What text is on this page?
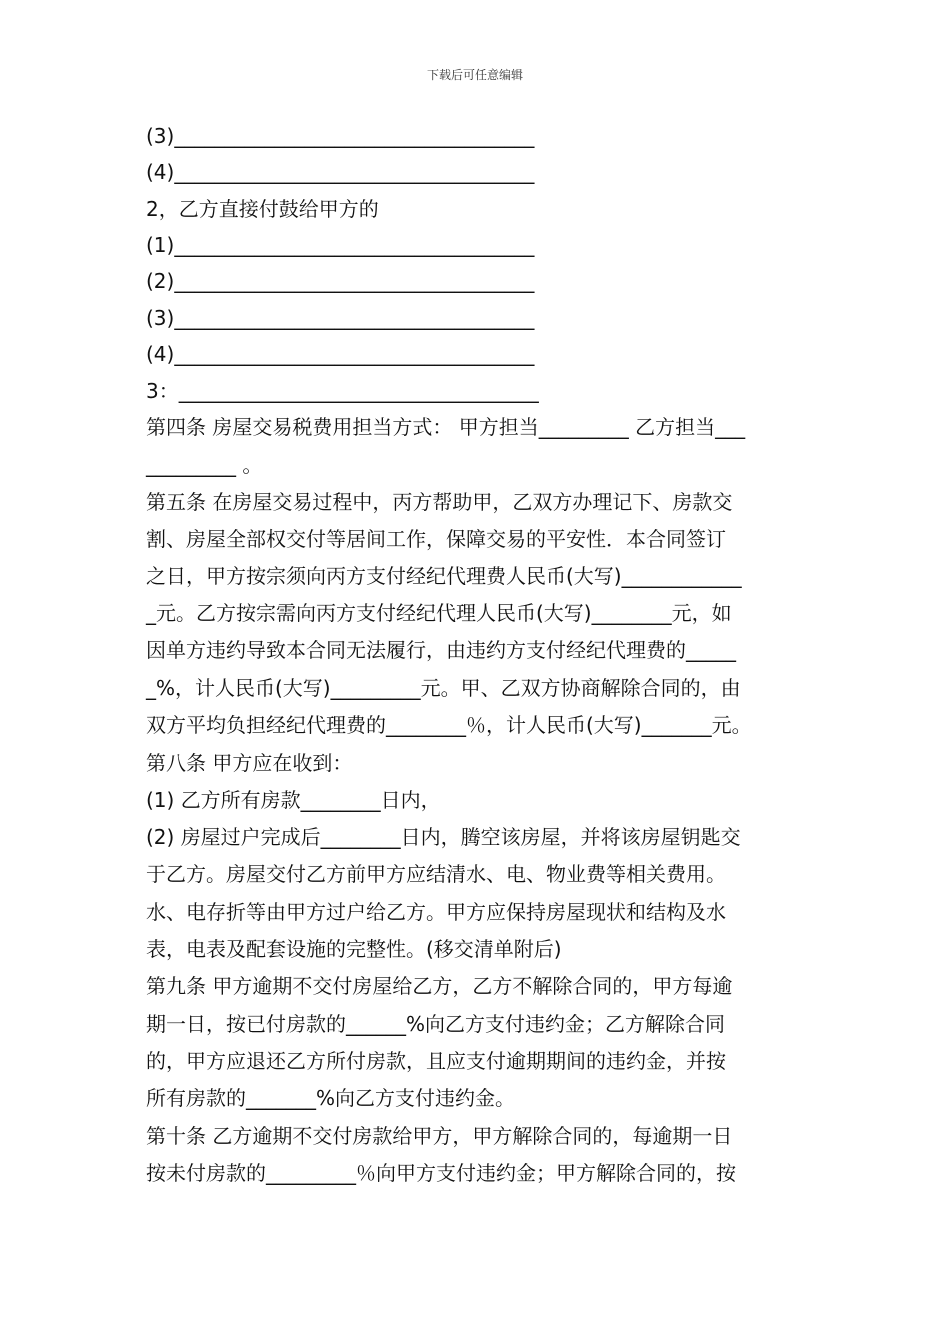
下载后可任意编辑
(3)____________________________________
(4)____________________________________
2，乙方直接付鼓给甲方的
(1)____________________________________
(2)____________________________________
(3)____________________________________
(4)____________________________________
3：____________________________________
第四条 房屋交易税费用担当方式： 甲方担当_________ 乙方担当___
_________ 。
第五条 在房屋交易过程中，丙方帮助甲，乙双方办理记下、房款交
割、房屋全部权交付等居间工作，保障交易的平安性．本合同签订
之日，甲方按宗须向丙方支付经纪代理费人民币(大写)____________
_元。乙方按宗需向丙方支付经纪代理人民币(大写)________元，如
因单方违约导致本合同无法履行，由违约方支付经纪代理费的_____
_%，计人民币(大写)_________元。甲、乙双方协商解除合同的，由
双方平均负担经纪代理费的________％，计人民币(大写)_______元。
第八条 甲方应在收到：
(1) 乙方所有房款________日内，
(2) 房屋过户完成后________日内，腾空该房屋，并将该房屋钥匙交
于乙方。房屋交付乙方前甲方应结清水、电、物业费等相关费用。
水、电存折等由甲方过户给乙方。甲方应保持房屋现状和结构及水
表，电表及配套设施的完整性。(移交清单附后)
第九条 甲方逾期不交付房屋给乙方，乙方不解除合同的，甲方每逾
期一日，按已付房款的______%向乙方支付违约金；乙方解除合同
的，甲方应退还乙方所付房款，且应支付逾期期间的违约金，并按
所有房款的_______%向乙方支付违约金。
第十条 乙方逾期不交付房款给甲方，甲方解除合同的，每逾期一日
按未付房款的_________％向甲方支付违约金；甲方解除合同的，按
